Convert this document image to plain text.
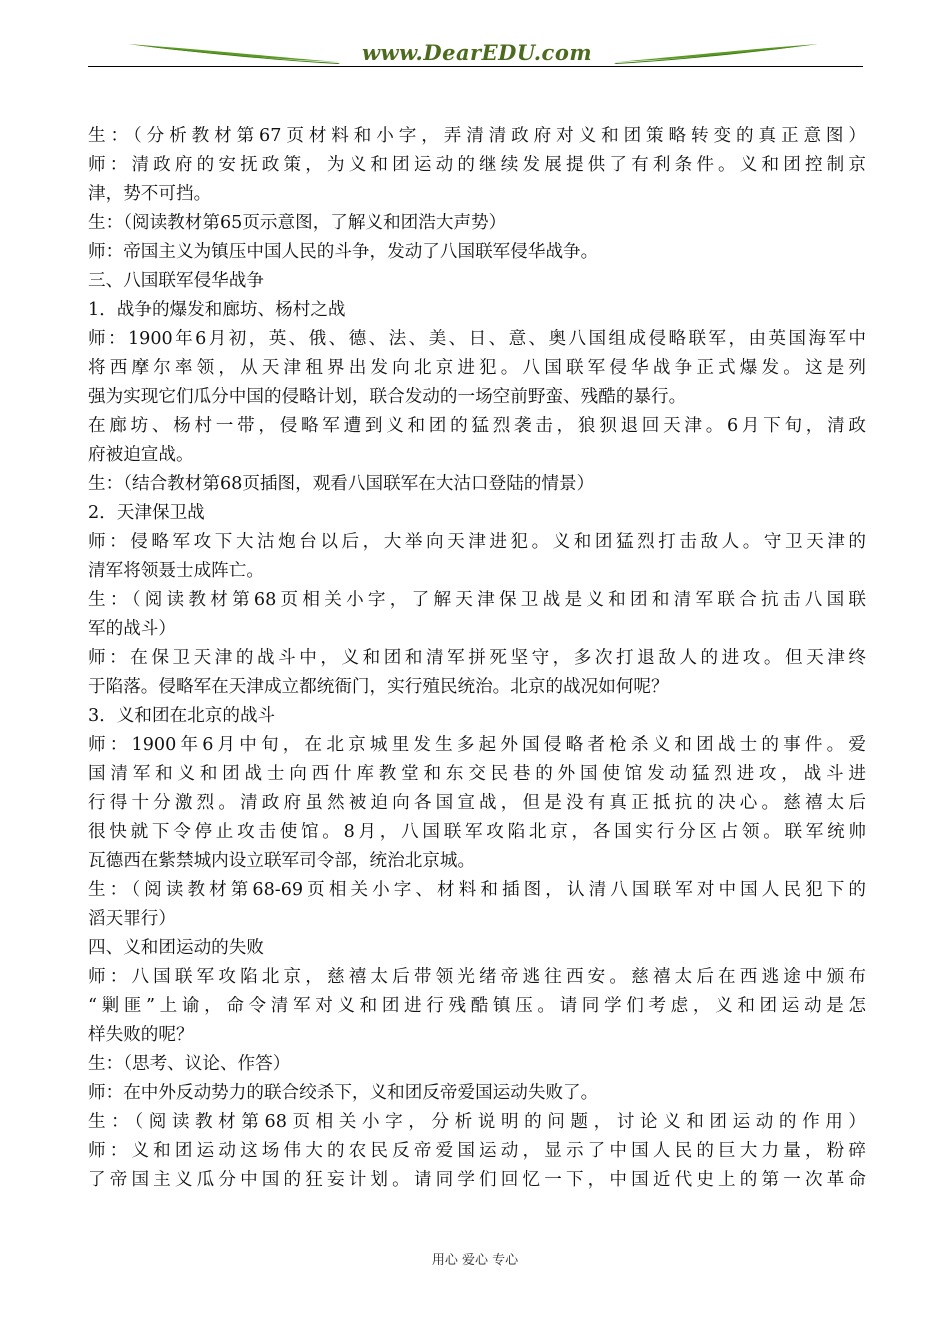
www.DearEDU.com
生：（分析教材第67页材料和小字，弄清清政府对义和团策略转变的真正意图）
师：清政府的安抚政策，为义和团运动的继续发展提供了有利条件。义和团控制京
津，势不可挡。
生：（阅读教材第65页示意图，了解义和团浩大声势）
师：帝国主义为镇压中国人民的斗争，发动了八国联军侵华战争。
三、八国联军侵华战争
1．战争的爆发和廊坊、杨村之战
师：1900年6月初，英、俄、德、法、美、日、意、奥八国组成侵略联军，由英国海军中
将西摩尔率领，从天津租界出发向北京进犯。八国联军侵华战争正式爆发。这是列
强为实现它们瓜分中国的侵略计划，联合发动的一场空前野蛮、残酷的暴行。
在廊坊、杨村一带，侵略军遭到义和团的猛烈袭击，狼狈退回天津。6月下旬，清政
府被迫宣战。
生：（结合教材第68页插图，观看八国联军在大沽口登陆的情景）
2．天津保卫战
师：侵略军攻下大沽炮台以后，大举向天津进犯。义和团猛烈打击敌人。守卫天津的
清军将领聂士成阵亡。
生：（阅读教材第68页相关小字，了解天津保卫战是义和团和清军联合抗击八国联
军的战斗）
师：在保卫天津的战斗中，义和团和清军拼死坚守，多次打退敌人的进攻。但天津终
于陷落。侵略军在天津成立都统衙门，实行殖民统治。北京的战况如何呢？
3．义和团在北京的战斗
师：1900年6月中旬，在北京城里发生多起外国侵略者枪杀义和团战士的事件。爱
国清军和义和团战士向西什库教堂和东交民巷的外国使馆发动猛烈进攻，战斗进
行得十分激烈。清政府虽然被迫向各国宣战，但是没有真正抵抗的决心。慈禧太后
很快就下令停止攻击使馆。8月，八国联军攻陷北京，各国实行分区占领。联军统帅
瓦德西在紫禁城内设立联军司令部，统治北京城。
生：（阅读教材第68-69页相关小字、材料和插图，认清八国联军对中国人民犯下的
滔天罪行）
四、义和团运动的失败
师：八国联军攻陷北京，慈禧太后带领光绪帝逃往西安。慈禧太后在西逃途中颁布
“剿匪”上谕，命令清军对义和团进行残酷镇压。请同学们考虑，义和团运动是怎
样失败的呢？
生：（思考、议论、作答）
师：在中外反动势力的联合绞杀下，义和团反帝爱国运动失败了。
生：（阅读教材第68页相关小字，分析说明的问题，讨论义和团运动的作用）
师：义和团运动这场伟大的农民反帝爱国运动，显示了中国人民的巨大力量，粉碎
了帝国主义瓜分中国的狂妄计划。请同学们回忆一下，中国近代史上的第一次革命
用心 爱心 专心
